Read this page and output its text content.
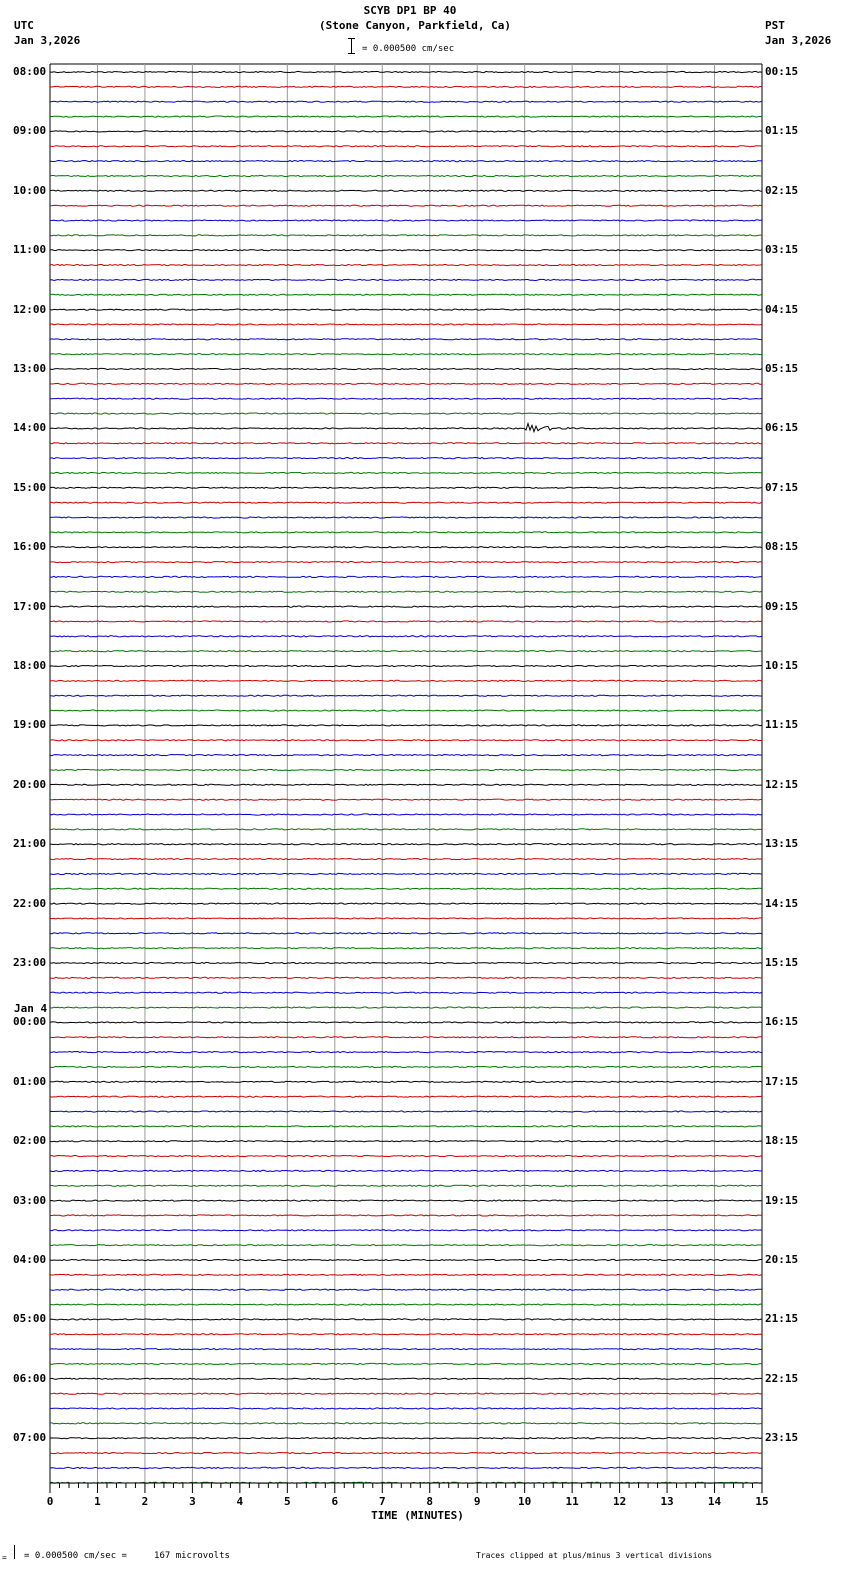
SCYB DP1 BP 40
(Stone Canyon, Parkfield, Ca)
= 0.000500 cm/sec
UTC
Jan 3,2026
PST
Jan 3,2026
0	1	2	3	4	5	6	7	8	9	10	11	12	13	14	15
08:00
09:00
10:00
11:00
12:00
13:00
14:00
15:00
16:00
17:00
18:00
19:00
20:00
21:00
22:00
23:00
00:00
01:00
02:00
03:00
04:00
05:00
06:00
07:00
00:15
01:15
02:15
03:15
04:15
05:15
06:15
07:15
08:15
09:15
10:15
11:15
12:15
13:15
14:15
15:15
16:15
17:15
18:15
19:15
20:15
21:15
22:15
23:15
Jan 4
TIME (MINUTES)
= = 0.000500 cm/sec =     167 microvolts	Traces clipped at plus/minus 3 vertical divisions
